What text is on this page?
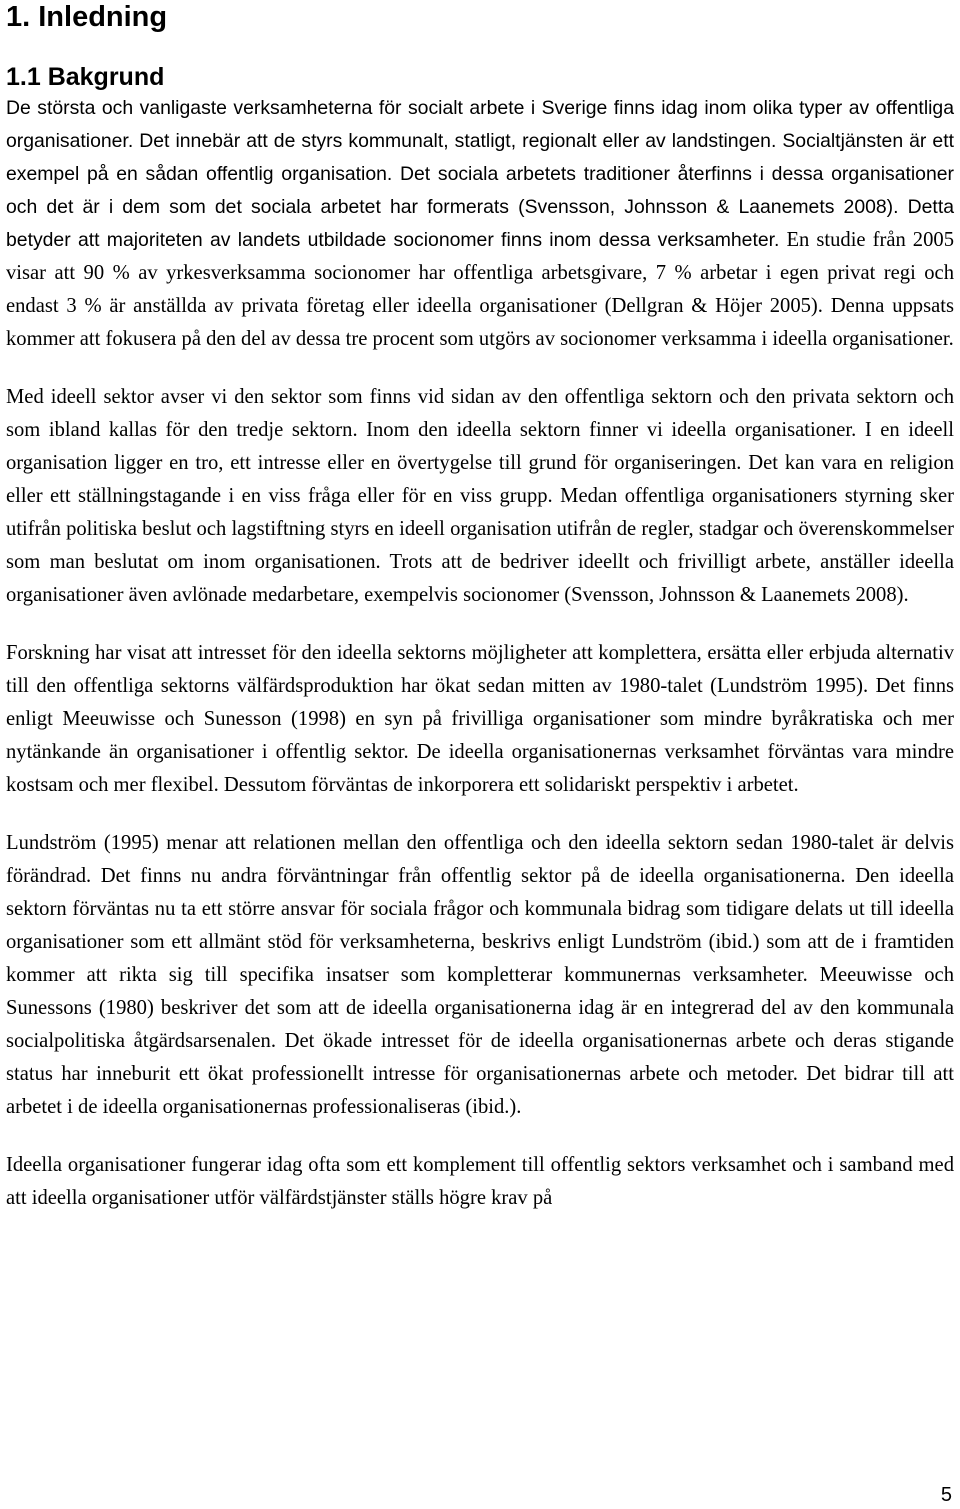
1. Inledning
1.1 Bakgrund

De största och vanligaste verksamheterna för socialt arbete i Sverige finns idag inom olika typer av offentliga organisationer. Det innebär att de styrs kommunalt, statligt, regionalt eller av landstingen. Socialtjänsten är ett exempel på en sådan offentlig organisation. Det sociala arbetets traditioner återfinns i dessa organisationer och det är i dem som det sociala arbetet har formerats (Svensson, Johnsson & Laanemets 2008). Detta betyder att majoriteten av landets utbildade socionomer finns inom dessa verksamheter. En studie från 2005 visar att 90 % av yrkesverksamma socionomer har offentliga arbetsgivare, 7 % arbetar i egen privat regi och endast 3 % är anställda av privata företag eller ideella organisationer (Dellgran & Höjer 2005). Denna uppsats kommer att fokusera på den del av dessa tre procent som utgörs av socionomer verksamma i ideella organisationer.

Med ideell sektor avser vi den sektor som finns vid sidan av den offentliga sektorn och den privata sektorn och som ibland kallas för den tredje sektorn. Inom den ideella sektorn finner vi ideella organisationer. I en ideell organisation ligger en tro, ett intresse eller en övertygelse till grund för organiseringen. Det kan vara en religion eller ett ställningstagande i en viss fråga eller för en viss grupp. Medan offentliga organisationers styrning sker utifrån politiska beslut och lagstiftning styrs en ideell organisation utifrån de regler, stadgar och överenskommelser som man beslutat om inom organisationen. Trots att de bedriver ideellt och frivilligt arbete, anställer ideella organisationer även avlönade medarbetare, exempelvis socionomer (Svensson, Johnsson & Laanemets 2008).

Forskning har visat att intresset för den ideella sektorns möjligheter att komplettera, ersätta eller erbjuda alternativ till den offentliga sektorns välfärdsproduktion har ökat sedan mitten av 1980-talet (Lundström 1995). Det finns enligt Meeuwisse och Sunesson (1998) en syn på frivilliga organisationer som mindre byråkratiska och mer nytänkande än organisationer i offentlig sektor. De ideella organisationernas verksamhet förväntas vara mindre kostsam och mer flexibel. Dessutom förväntas de inkorporera ett solidariskt perspektiv i arbetet.

Lundström (1995) menar att relationen mellan den offentliga och den ideella sektorn sedan 1980-talet är delvis förändrad. Det finns nu andra förväntningar från offentlig sektor på de ideella organisationerna. Den ideella sektorn förväntas nu ta ett större ansvar för sociala frågor och kommunala bidrag som tidigare delats ut till ideella organisationer som ett allmänt stöd för verksamheterna, beskrivs enligt Lundström (ibid.) som att de i framtiden kommer att rikta sig till specifika insatser som kompletterar kommunernas verksamheter. Meeuwisse och Sunessons (1980) beskriver det som att de ideella organisationerna idag är en integrerad del av den kommunala socialpolitiska åtgärdsarsenalen. Det ökade intresset för de ideella organisationernas arbete och deras stigande status har inneburit ett ökat professionellt intresse för organisationernas arbete och metoder. Det bidrar till att arbetet i de ideella organisationernas professionaliseras (ibid.).

Ideella organisationer fungerar idag ofta som ett komplement till offentlig sektors verksamhet och i samband med att ideella organisationer utför välfärdstjänster ställs högre krav på

5
